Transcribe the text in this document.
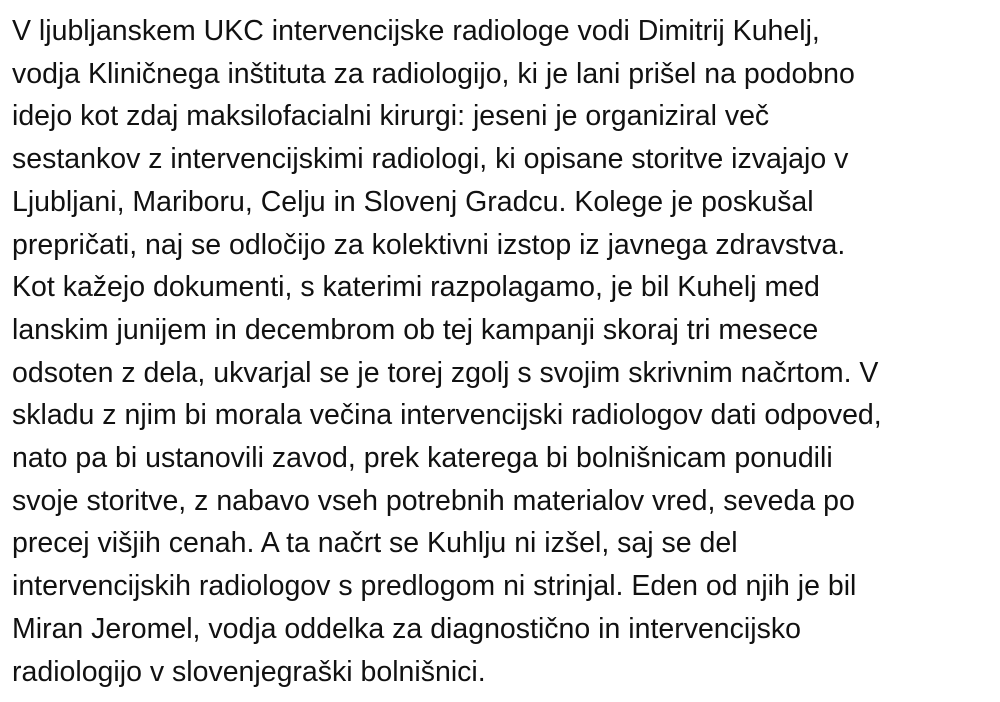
V ljubljanskem UKC intervencijske radiologe vodi Dimitrij Kuhelj,
vodja Kliničnega inštituta za radiologijo, ki je lani prišel na podobno
idejo kot zdaj maksilofacialni kirurgi: jeseni je organiziral več
sestankov z intervencijskimi radiologi, ki opisane storitve izvajajo v
Ljubljani, Mariboru, Celju in Slovenj Gradcu. Kolege je poskušal
prepričati, naj se odločijo za kolektivni izstop iz javnega zdravstva.
Kot kažejo dokumenti, s katerimi razpolagamo, je bil Kuhelj med
lanskim junijem in decembrom ob tej kampanji skoraj tri mesece
odsoten z dela, ukvarjal se je torej zgolj s svojim skrivnim načrtom. V
skladu z njim bi morala večina intervencijski radiologov dati odpoved,
nato pa bi ustanovili zavod, prek katerega bi bolnišnicam ponudili
svoje storitve, z nabavo vseh potrebnih materialov vred, seveda po
precej višjih cenah. A ta načrt se Kuhlju ni izšel, saj se del
intervencijskih radiologov s predlogom ni strinjal. Eden od njih je bil
Miran Jeromel, vodja oddelka za diagnostično in intervencijsko
radiologijo v slovenjegraški bolnišnici.
